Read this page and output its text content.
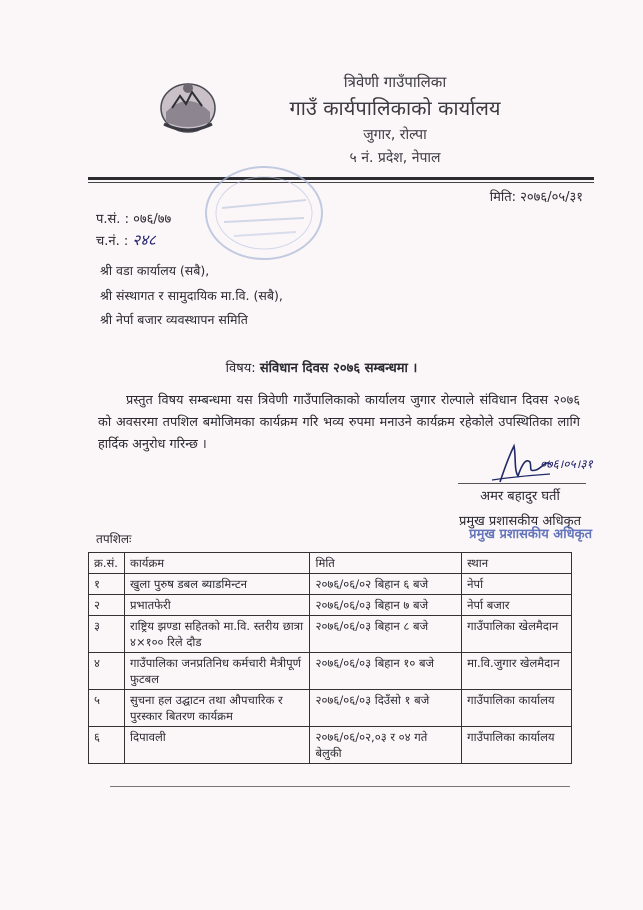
त्रिवेणी गाउँपालिका
गाउँ कार्यपालिकाको कार्यालय
जुगार, रोल्पा
५ नं. प्रदेश, नेपाल
मिति: २०७६/०५/३१
प.सं. : ०७६/७७
च.नं. : २४८
श्री वडा कार्यालय (सबै),
श्री संस्थागत र सामुदायिक मा.वि. (सबै),
श्री नेर्पा बजार व्यवस्थापन समिति
विषय: संविधान दिवस २०७६ सम्बन्धमा ।
प्रस्तुत विषय सम्बन्धमा यस त्रिवेणी गाउँपालिकाको कार्यालय जुगार रोल्पाले संविधान दिवस २०७६ को अवसरमा तपशिल बमोजिमका कार्यक्रम गरि भव्य रुपमा मनाउने कार्यक्रम रहेकोले उपस्थितिका लागि हार्दिक अनुरोध गरिन्छ ।
०७६।०५।३१
अमर बहादुर घर्ती
प्रमुख प्रशासकीय अधिकृत
प्रमुख प्रशासकीय अधिकृत
तपशिलः
क्र.सं.	कार्यक्रम	मिति	स्थान
१	खुला पुरुष डबल ब्याडमिन्टन	२०७६/०६/०२ बिहान ६ बजे	नेर्पा
२	प्रभातफेरी	२०७६/०६/०३ बिहान ७ बजे	नेर्पा बजार
३	राष्ट्रिय झण्डा सहितको मा.वि. स्तरीय छात्रा ४×१०० रिले दौड	२०७६/०६/०३ बिहान ८ बजे	गाउँपालिका खेलमैदान
४	गाउँपालिका जनप्रतिनिध कर्मचारी मैत्रीपूर्ण फुटबल	२०७६/०६/०३ बिहान १० बजे	मा.वि.जुगार खेलमैदान
५	सुचना हल उद्घाटन तथा औपचारिक र पुरस्कार बितरण कार्यक्रम	२०७६/०६/०३ दिउँसो १ बजे	गाउँपालिका कार्यालय
६	दिपावली	२०७६/०६/०२,०३ र ०४ गते बेलुकी	गाउँपालिका कार्यालय
